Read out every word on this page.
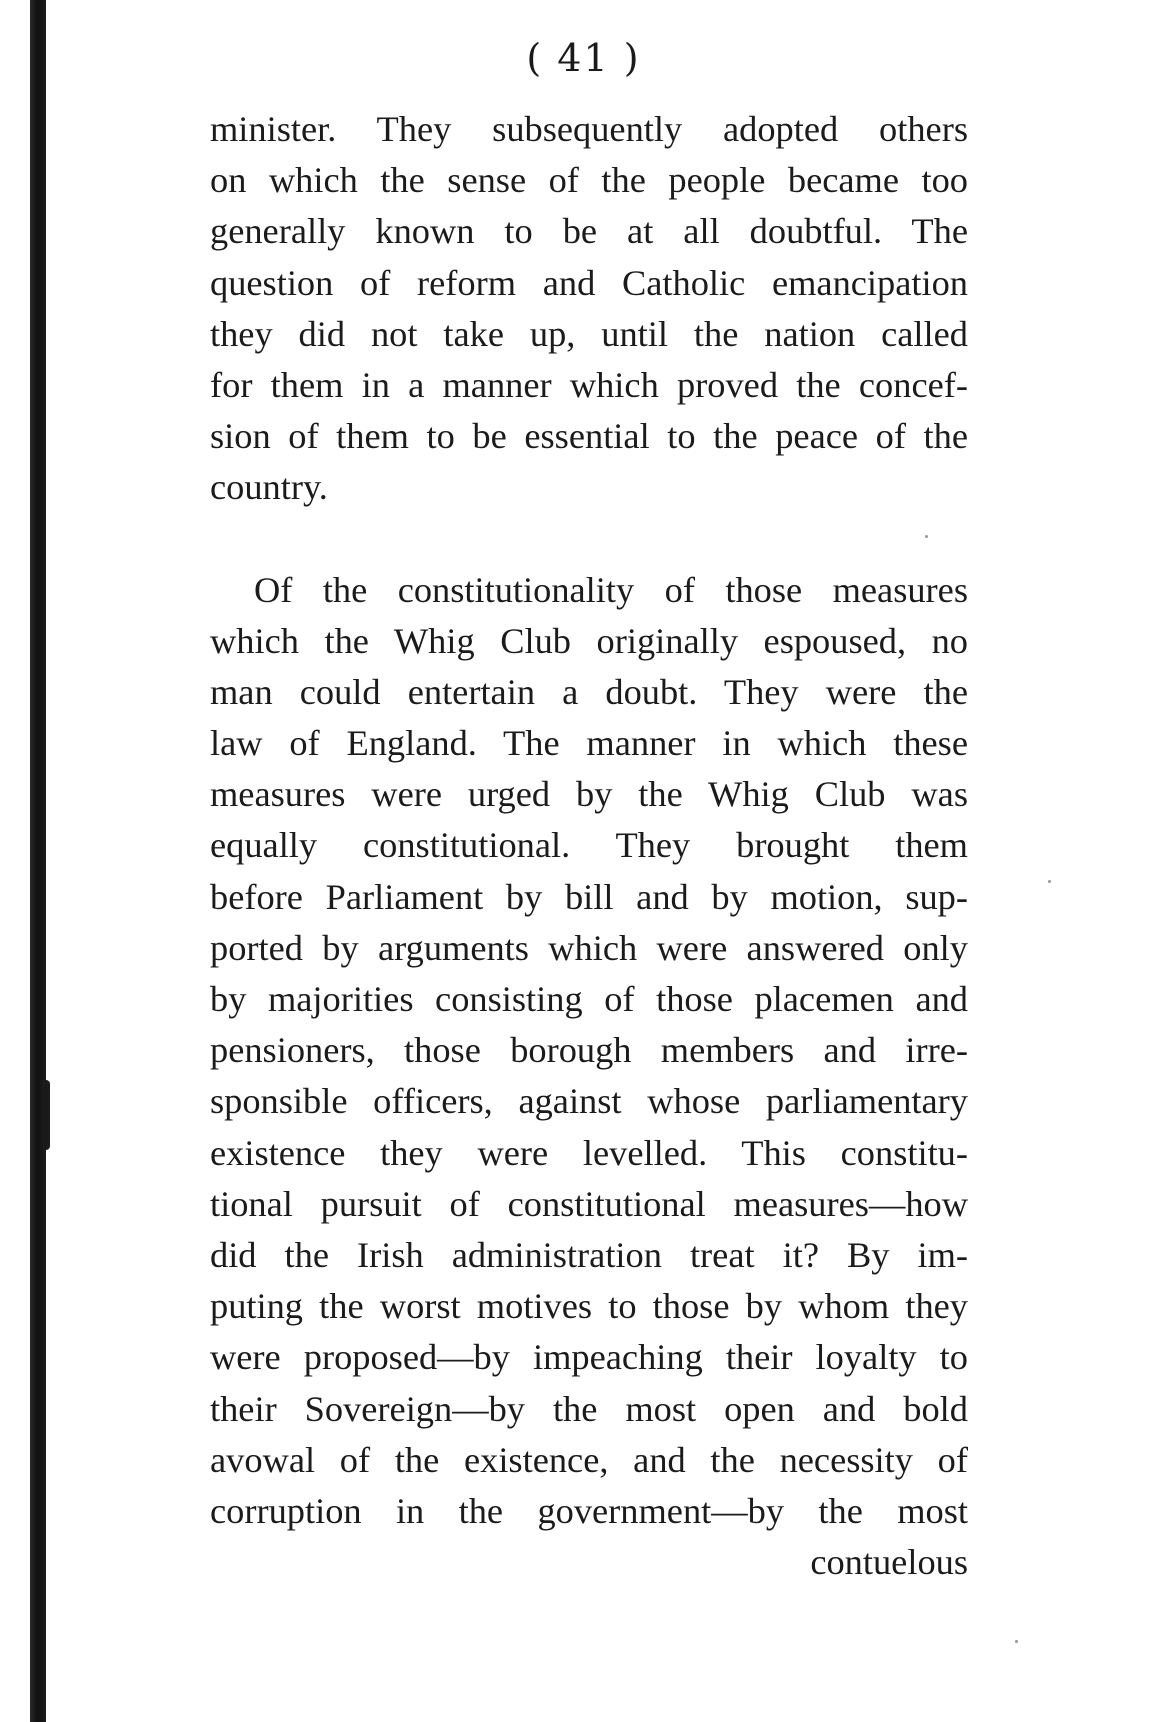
( 41 )
minister. They subsequently adopted others
on which the sense of the people became too
generally known to be at all doubtful. The
question of reform and Catholic emancipation
they did not take up, until the nation called
for them in a manner which proved the concef-
sion of them to be essential to the peace of the
country.
Of the constitutionality of those measures
which the Whig Club originally espoused, no
man could entertain a doubt. They were the
law of England. The manner in which these
measures were urged by the Whig Club was
equally constitutional. They brought them
before Parliament by bill and by motion, sup-
ported by arguments which were answered only
by majorities consisting of those placemen and
pensioners, those borough members and irre-
sponsible officers, against whose parliamentary
existence they were levelled. This constitu-
tional pursuit of constitutional measures—how
did the Irish administration treat it? By im-
puting the worst motives to those by whom they
were proposed—by impeaching their loyalty to
their Sovereign—by the most open and bold
avowal of the existence, and the necessity of
corruption in the government—by the most
contuelous
